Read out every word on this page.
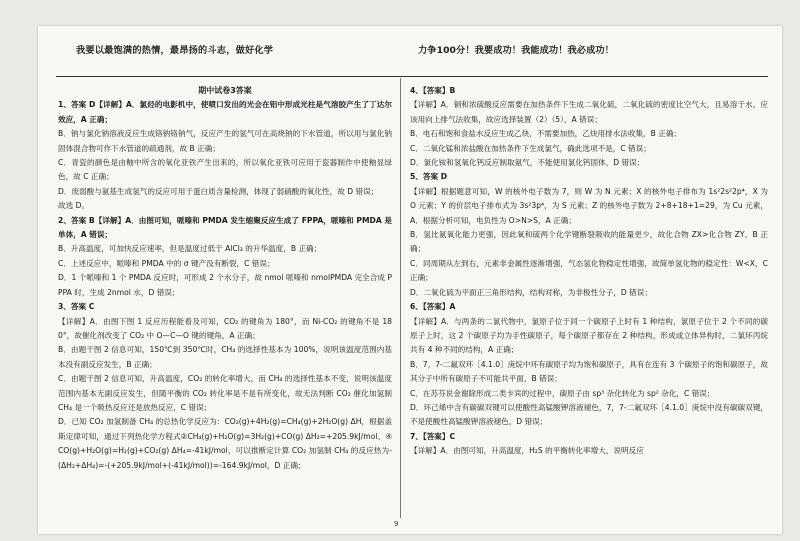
我要以最饱满的热情，最昂扬的斗志，做好化学	力争100分！我要成功！我能成功！我必成功！

期中试卷3答案

1、答案 D【详解】A．氯烃的电影机中，使喷口发出的光会在铝中形成光柱是气溶胶产生了丁达尔效应，A 正确；

B．钠与氯化钠溶液反应生成铬钠铬钠气，反应产生的氢气可在高烧钠的下水管道，所以用与氯化钠固体混合物可作下水管道的疏通剂，故 B 正确；

C．青瓷的颜色是由釉中所含的氧化亚铁产生出来的，所以氧化亚铁可应用于瓷器制作中使釉显绿色，故 C 正确；

D．废弱酸与氨基生成氢气的反应可用于蛋白质含量检测，体现了弱硝酸的氧化性，故 D 错误；

故选 D。

2、答案 B【详解】A．由图可知，哌嗪和 PMDA 发生缩聚反应生成了 FPPA，哌嗪和 PMDA 是单体，A 错误；

B．升高温度，可加快反应速率，但是温度过低于 AlCl₃ 的升华温度，B 正确；

C．上述反应中，哌嗪和 PMDA 中的 σ 键产没有断裂，C 错误；

D．1 个哌嗪和 1 个 PMDA 反应时，可形成 2 个水分子，故 nmol 哌嗪和 nmolPMDA 完全合成 PPPA 时，生成 2nmol 水，D 错误；

3、答案 C

【详解】A．由图下图 1 反应历程能看及可知，CO₂ 的键角为 180°，而 Ni-CO₂ 的键角不是 180°，故催化剂改变了 CO₂ 中 O—C—O 键的键角，A 正确；

B．由题干图 2 信息可知，150℃到 350℃时，CH₄ 的选择性基本为 100%，说明该温度范围内基本没有副反应发生，B 正确；

C．由题干图 2 信息可知，升高温度，CO₂ 的转化率增大，而 CH₄ 的选择性基本不变，说明该温度范围内基本无副反应发生，但随平衡的 CO₂ 转化率是不是有所变化，故无法判断 CO₂ 催化加氢制 CH₄ 是一个吸热反应还是放热反应，C 错误；

D．已知 CO₂ 加氢制备 CH₄ 的总热化学反应为：CO₂(g)+4H₂(g)=CH₄(g)+2H₂O(g) ΔH，根据盖斯定律可知，通过下列热化学方程式②CH₄(g)+H₂O(g)=3H₂(g)+CO(g) ΔH₂=+205.9kJ/mol、④CO(g)+H₂O(g)=H₂(g)+CO₂(g) ΔH₄=-41kJ/mol，可以推断定计算 CO₂ 加氢制 CH₄ 的反应热为-(ΔH₂+ΔH₄)=-(+205.9kJ/mol+(-41kJ/mol))=-164.9kJ/mol，D 正确；

4、【答案】B

【详解】A．铜和浓硫酸反应需要在加热条件下生成二氧化硫，二氧化硫的密度比空气大，且易溶于水，应该用向上排气法收集，故应选择装置（2）（5），A 错误；

B．电石和饱和食盐水反应生成乙炔，不需要加热，乙炔用排水法收集，B 正确；

C．二氧化锰和浓盐酸在加热条件下生成氯气，确此选项不是，C 错误；

D．氯化铵和氢氧化钙反应制取氨气，不能使用氯化钙固体，D 错误；

5、答案 D

【详解】根据题意可知，W 的核外电子数为 7，则 W 为 N 元素；X 的核外电子排布为 1s²2s²2p⁴，X 为 O 元素；Y 的价层电子排布式为 3s²3p⁴，为 S 元素；Z 的核外电子数为 2+8+18+1=29，为 Cu 元素，A．根据分析可知，电负性为 O>N>S，A 正确；

B．氢比氨氧化能力更强，因此氧和硫两个化学键断裂吸收的能量更少，故化合物 ZX>化合物 ZY，B 正确；

C．同周期从左到右，元素非金属性逐渐增强，气态氢化物稳定性增强，故简单氢化物的稳定性：W<X，C 正确；

D．二氧化硫为平面正三角形结构，结构对称，为非极性分子，D 错误；

6、【答案】A

【详解】A．与两条的二氯代物中，氯原子位于同一个碳原子上时有 1 种结构，氯原子位于 2 个不同的碳原子上时，这 2 个碳原子均为手性碳原子，每个碳原子都存在 2 种结构，形成或立体异构时，二氯环丙烷共有 4 种不同的结构，A 正确；

B．7，7-二氟双环［4.1.0］庚烷中环有碳原子均为饱和碳原子，具有在连有 3 个碳原子的饱和碳原子，故其分子中所有碳原子不可能共平面，B 错误；

C．在苏芬说金谢除形成二类卡宾的过程中，碳原子由 sp³ 杂化转化为 sp² 杂化，C 错误；

D．环己烯中含有碳碳双键可以使酸性高锰酸钾溶液褪色，7，7-二氟双环［4.1.0］庚烷中没有碳碳双键，不是使酸性高锰酸钾溶液褪色，D 错误；

7、【答案】C

【详解】A．由图可知，升高温度，H₂S 的平衡转化率增大，说明反应

9
